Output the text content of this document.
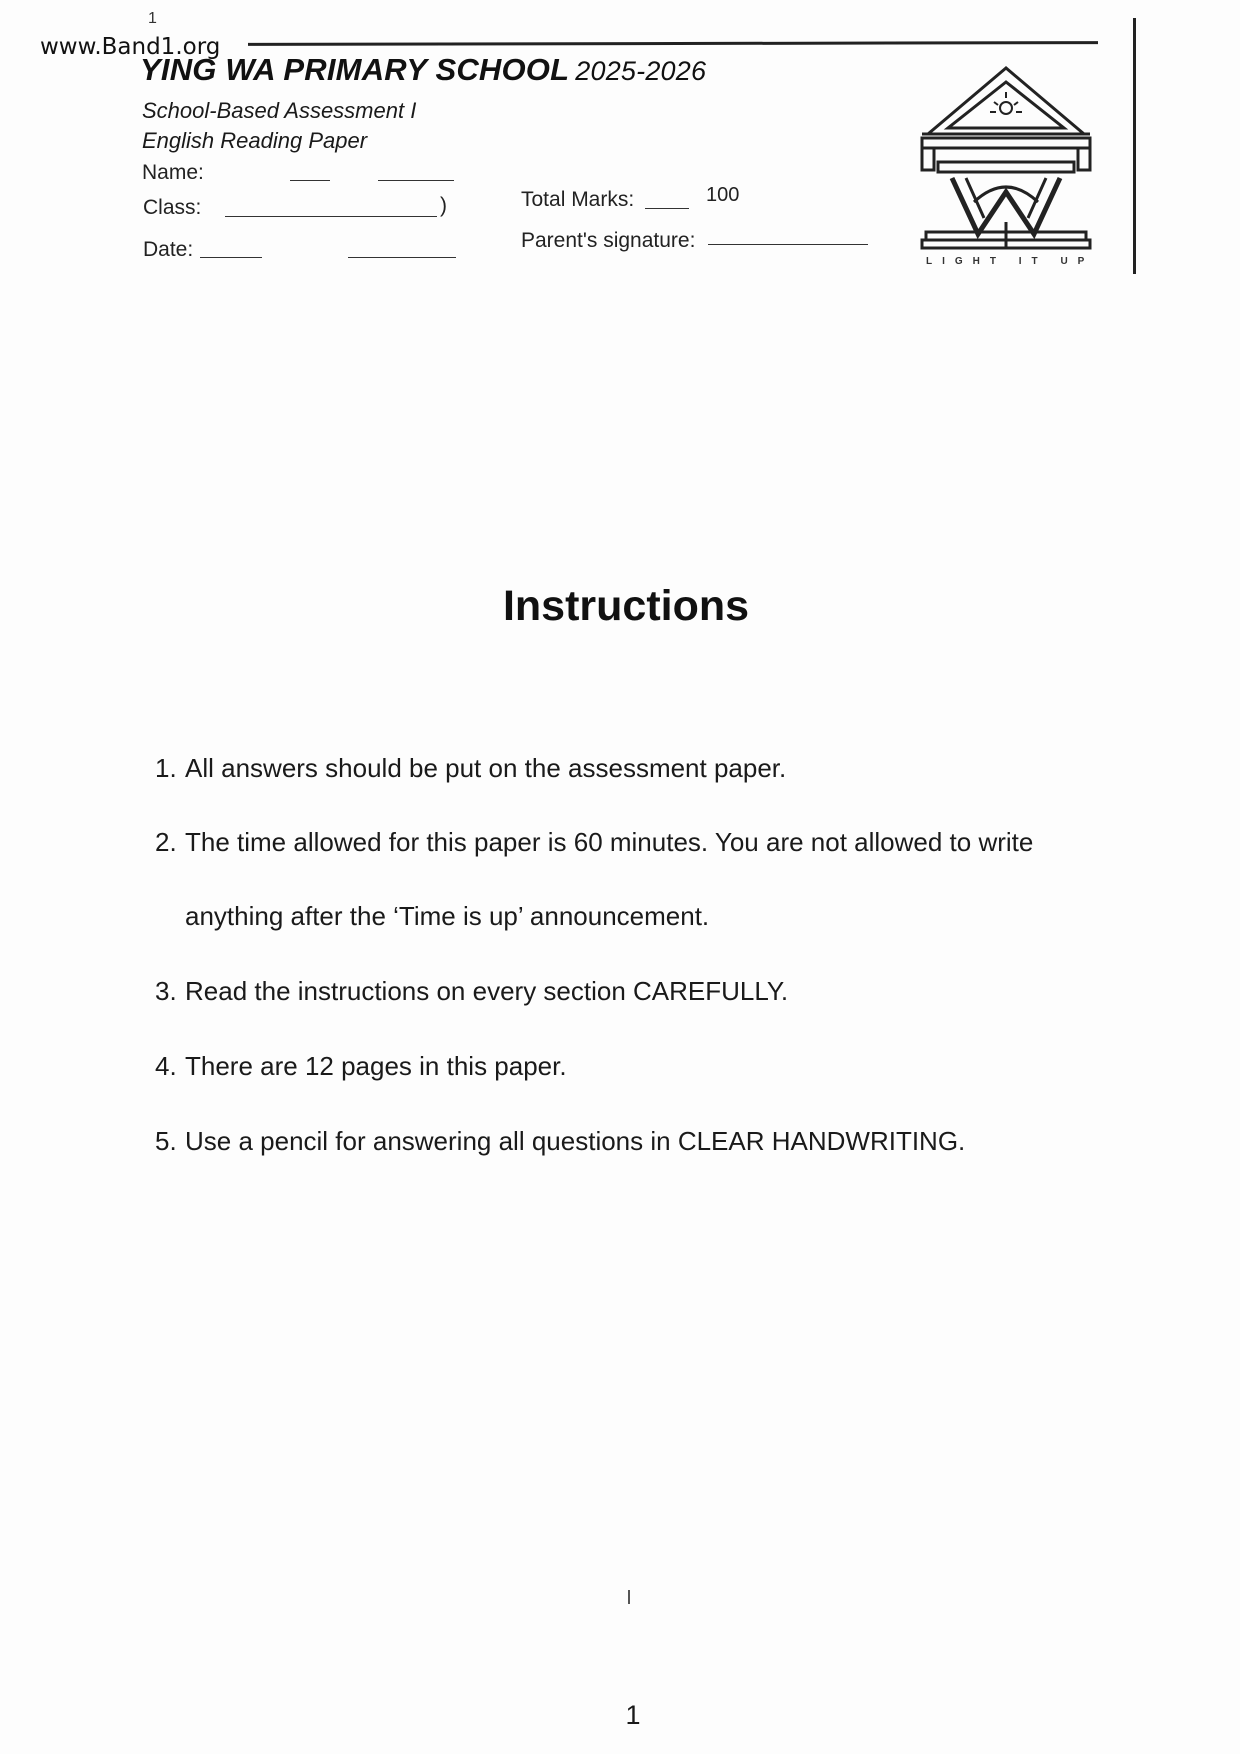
1
www.Band1.org
YING WA PRIMARY SCHOOL 2025-2026
School-Based Assessment I
English Reading Paper
Name:
Class:	)
Date:
Total Marks:	100
Parent's signature:
LIGHT IT UP
Instructions
1. All answers should be put on the assessment paper.
2. The time allowed for this paper is 60 minutes. You are not allowed to write
anything after the ‘Time is up’ announcement.
3. Read the instructions on every section CAREFULLY.
4. There are 12 pages in this paper.
5. Use a pencil for answering all questions in CLEAR HANDWRITING.
1
